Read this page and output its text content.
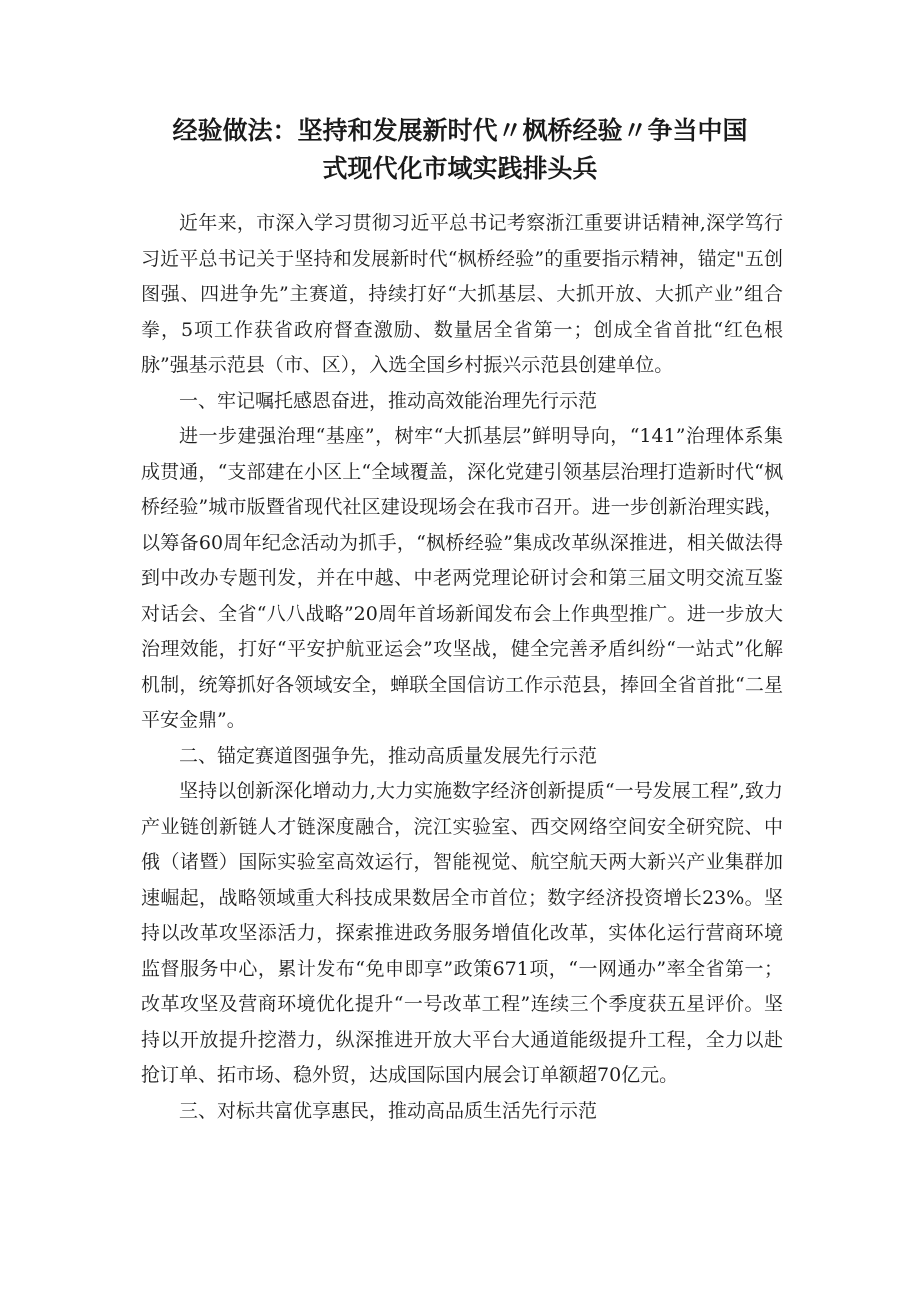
经验做法：坚持和发展新时代〃枫桥经验〃争当中国
式现代化市域实践排头兵

近年来，市深入学习贯彻习近平总书记考察浙江重要讲话精神,深学笃行习近平总书记关于坚持和发展新时代“枫桥经验”的重要指示精神，锚定"五创图强、四进争先”主赛道，持续打好“大抓基层、大抓开放、大抓产业”组合拳，5项工作获省政府督查激励、数量居全省第一；创成全省首批“红色根脉”强基示范县（市、区），入选全国乡村振兴示范县创建单位。

一、牢记嘱托感恩奋进，推动高效能治理先行示范

进一步建强治理“基座”，树牢“大抓基层”鲜明导向，“141”治理体系集成贯通，“支部建在小区上“全域覆盖，深化党建引领基层治理打造新时代“枫桥经验”城市版暨省现代社区建设现场会在我市召开。进一步创新治理实践，以筹备60周年纪念活动为抓手，“枫桥经验”集成改革纵深推进，相关做法得到中改办专题刊发，并在中越、中老两党理论研讨会和第三届文明交流互鉴对话会、全省“八八战略”20周年首场新闻发布会上作典型推广。进一步放大治理效能，打好“平安护航亚运会”攻坚战，健全完善矛盾纠纷“一站式”化解机制，统筹抓好各领域安全，蝉联全国信访工作示范县，捧回全省首批“二星平安金鼎”。

二、锚定赛道图强争先，推动高质量发展先行示范

坚持以创新深化增动力,大力实施数字经济创新提质“一号发展工程”,致力产业链创新链人才链深度融合，浣江实验室、西交网络空间安全研究院、中俄（诸暨）国际实验室高效运行，智能视觉、航空航天两大新兴产业集群加速崛起，战略领域重大科技成果数居全市首位；数字经济投资增长23%。坚持以改革攻坚添活力，探索推进政务服务增值化改革，实体化运行营商环境监督服务中心，累计发布“免申即享”政策671项，“一网通办”率全省第一；改革攻坚及营商环境优化提升“一号改革工程”连续三个季度获五星评价。坚持以开放提升挖潜力，纵深推进开放大平台大通道能级提升工程，全力以赴抢订单、拓市场、稳外贸，达成国际国内展会订单额超70亿元。

三、对标共富优享惠民，推动高品质生活先行示范
